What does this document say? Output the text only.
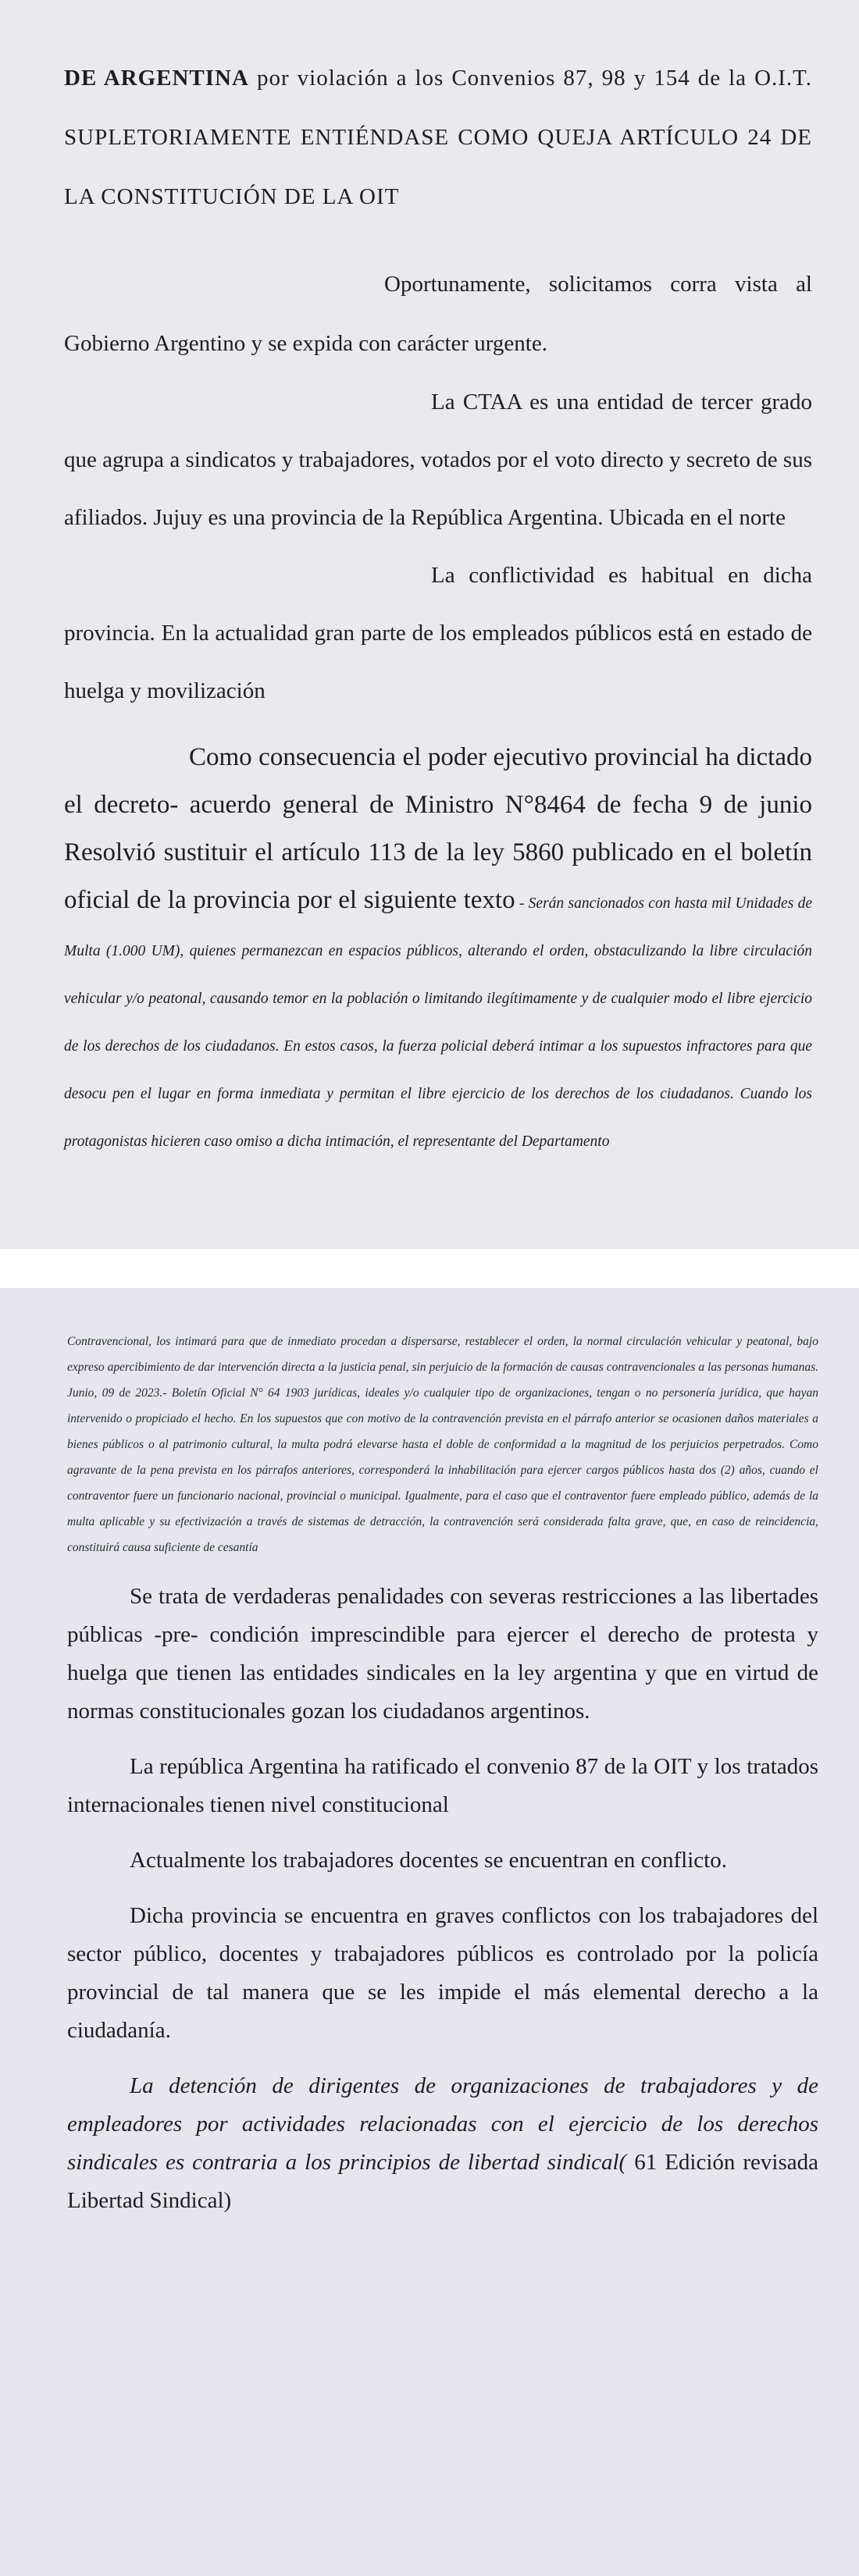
DE ARGENTINA por violación a los Convenios 87, 98 y 154 de la O.I.T. SUPLETORIAMENTE ENTIÉNDASE COMO QUEJA ARTÍCULO 24 DE LA CONSTITUCIÓN DE LA OIT

Oportunamente, solicitamos corra vista al Gobierno Argentino y se expida con carácter urgente.

La CTAA es una entidad de tercer grado que agrupa a sindicatos y trabajadores, votados por el voto directo y secreto de sus afiliados. Jujuy es una provincia de la República Argentina. Ubicada en el norte

La conflictividad es habitual en dicha provincia. En la actualidad gran parte de los empleados públicos está en estado de huelga y movilización

Como consecuencia el poder ejecutivo provincial ha dictado el decreto- acuerdo general de Ministro N°8464 de fecha 9 de junio Resolvió sustituir el artículo 113 de la ley 5860 publicado en el boletín oficial de la provincia por el siguiente texto - Serán sancionados con hasta mil Unidades de Multa (1.000 UM), quienes permanezcan en espacios públicos, alterando el orden, obstaculizando la libre circulación vehicular y/o peatonal, causando temor en la población o limitando ilegítimamente y de cualquier modo el libre ejercicio de los derechos de los ciudadanos. En estos casos, la fuerza policial deberá intimar a los supuestos infractores para que desocu pen el lugar en forma inmediata y permitan el libre ejercicio de los derechos de los ciudadanos. Cuando los protagonistas hicieren caso omiso a dicha intimación, el representante del Departamento

Contravencional, los intimará para que de inmediato procedan a dispersarse, restablecer el orden, la normal circulación vehicular y peatonal, bajo expreso apercibimiento de dar intervención directa a la justicia penal, sin perjuicio de la formación de causas contravencionales a las personas humanas. Junio, 09 de 2023.- Boletín Oficial N° 64 1903 jurídicas, ideales y/o cualquier tipo de organizaciones, tengan o no personería jurídica, que hayan intervenido o propiciado el hecho. En los supuestos que con motivo de la contravención prevista en el párrafo anterior se ocasionen daños materiales a bienes públicos o al patrimonio cultural, la multa podrá elevarse hasta el doble de conformidad a la magnitud de los perjuicios perpetrados. Como agravante de la pena prevista en los párrafos anteriores, corresponderá la inhabilitación para ejercer cargos públicos hasta dos (2) años, cuando el contraventor fuere un funcionario nacional, provincial o municipal. Igualmente, para el caso que el contraventor fuere empleado público, además de la multa aplicable y su efectivización a través de sistemas de detracción, la contravención será considerada falta grave, que, en caso de reincidencia, constituirá causa suficiente de cesantía

Se trata de verdaderas penalidades con severas restricciones a las libertades públicas -pre- condición imprescindible para ejercer el derecho de protesta y huelga que tienen las entidades sindicales en la ley argentina y que en virtud de normas constitucionales gozan los ciudadanos argentinos.

La república Argentina ha ratificado el convenio 87 de la OIT y los tratados internacionales tienen nivel constitucional

Actualmente los trabajadores docentes se encuentran en conflicto.

Dicha provincia se encuentra en graves conflictos con los trabajadores del sector público, docentes y trabajadores públicos es controlado por la policía provincial de tal manera que se les impide el más elemental derecho a la ciudadanía.

La detención de dirigentes de organizaciones de trabajadores y de empleadores por actividades relacionadas con el ejercicio de los derechos sindicales es contraria a los principios de libertad sindical( 61 Edición revisada Libertad Sindical)
